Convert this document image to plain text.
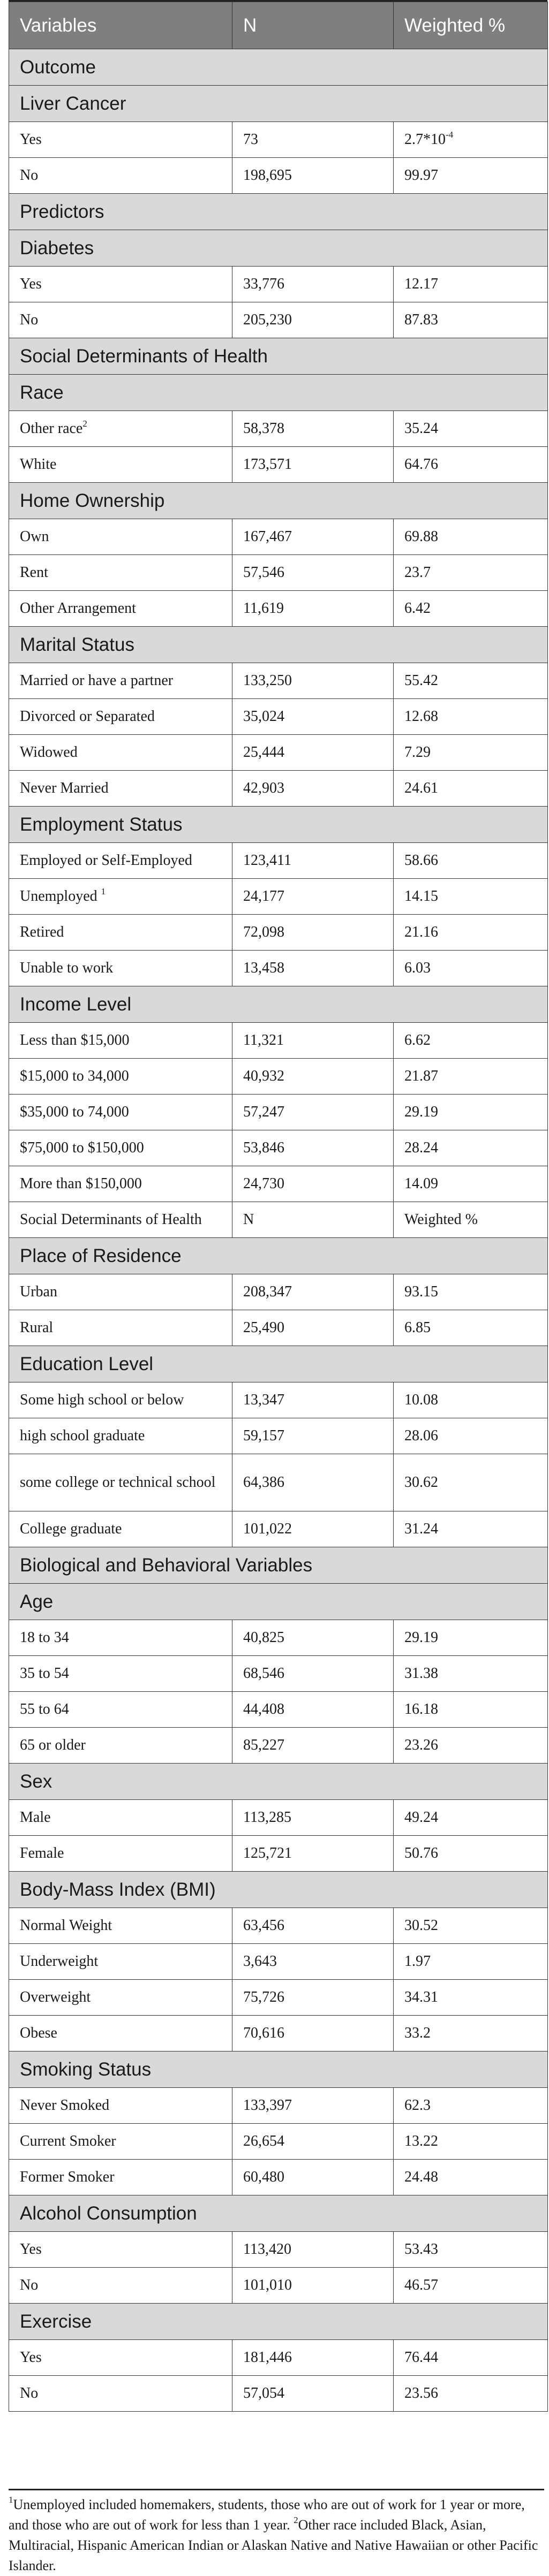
Variables	N	Weighted %
Outcome		
Liver Cancer		
Yes	73	$2.7*10^{-4}$
No	198,695	99.97
Predictors		
Diabetes		
Yes	33,776	12.17
No	205,230	87.83
Social Determinants of Health		
Race		
Other race$^2$	58,378	35.24
White	173,571	64.76
Home Ownership		
Own	167,467	69.88
Rent	57,546	23.7
Other Arrangement	11,619	6.42
Marital Status		
Married or have a partner	133,250	55.42
Divorced or Separated	35,024	12.68
Widowed	25,444	7.29
Never Married	42,903	24.61
Employment Status		
Employed or Self-Employed	123,411	58.66
Unemployed $^1$	24,177	14.15
Retired	72,098	21.16
Unable to work	13,458	6.03
Income Level		
Less than $15,000	11,321	6.62
$15,000 to 34,000	40,932	21.87
$35,000 to 74,000	57,247	29.19
$75,000 to $150,000	53,846	28.24
More than $150,000	24,730	14.09
Social Determinants of Health	N	Weighted %
Place of Residence		
Urban	208,347	93.15
Rural	25,490	6.85
Education Level		
Some high school or below	13,347	10.08
high school graduate	59,157	28.06
some college or technical school	64,386	30.62
College graduate	101,022	31.24
Biological and Behavioral Variables		
Age		
18 to 34	40,825	29.19
35 to 54	68,546	31.38
55 to 64	44,408	16.18
65 or older	85,227	23.26
Sex		
Male	113,285	49.24
Female	125,721	50.76
Body-Mass Index (BMI)		
Normal Weight	63,456	30.52
Underweight	3,643	1.97
Overweight	75,726	34.31
Obese	70,616	33.2
Smoking Status		
Never Smoked	133,397	62.3
Current Smoker	26,654	13.22
Former Smoker	60,480	24.48
Alcohol Consumption		
Yes	113,420	53.43
No	101,010	46.57
Exercise		
Yes	181,446	76.44
No	57,054	23.56
$^1$Unemployed included homemakers, students, those who are out of work for 1 year or more, and those who are out of work for less than 1 year. $^2$Other race included Black, Asian, Multiracial, Hispanic American Indian or Alaskan Native and Native Hawaiian or other Pacific Islander.
